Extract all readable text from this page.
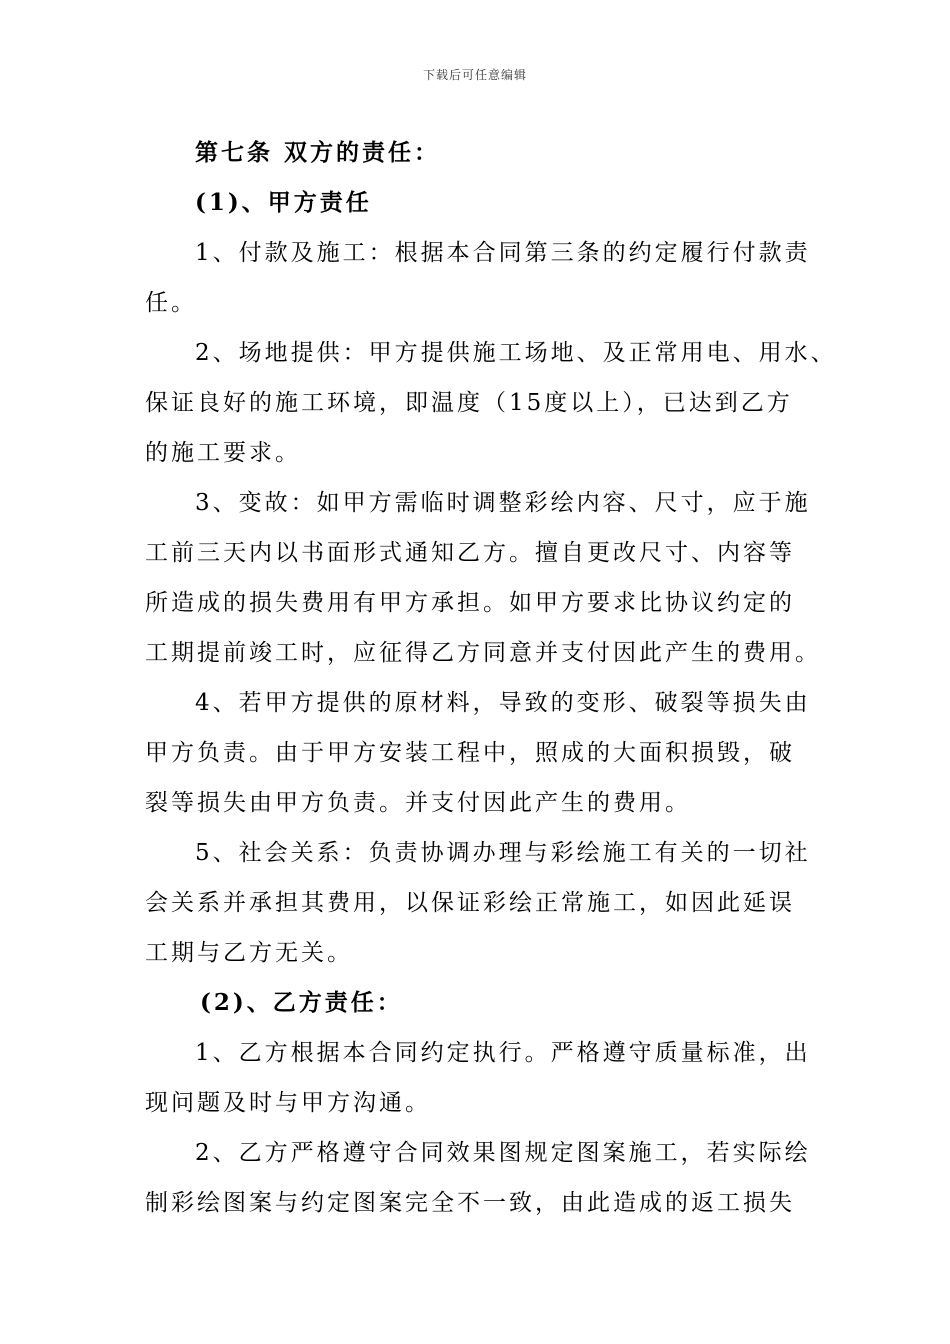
下载后可任意编辑
第七条 双方的责任：
(1)、甲方责任
1、付款及施工：根据本合同第三条的约定履行付款责
任。
2、场地提供：甲方提供施工场地、及正常用电、用水、
保证良好的施工环境，即温度（15度以上），已达到乙方
的施工要求。
3、变故：如甲方需临时调整彩绘内容、尺寸，应于施
工前三天内以书面形式通知乙方。擅自更改尺寸、内容等
所造成的损失费用有甲方承担。如甲方要求比协议约定的
工期提前竣工时，应征得乙方同意并支付因此产生的费用。
4、若甲方提供的原材料，导致的变形、破裂等损失由
甲方负责。由于甲方安装工程中，照成的大面积损毁，破
裂等损失由甲方负责。并支付因此产生的费用。
5、社会关系：负责协调办理与彩绘施工有关的一切社
会关系并承担其费用，以保证彩绘正常施工，如因此延误
工期与乙方无关。
(2)、乙方责任：
1、乙方根据本合同约定执行。严格遵守质量标准，出
现问题及时与甲方沟通。
2、乙方严格遵守合同效果图规定图案施工，若实际绘
制彩绘图案与约定图案完全不一致，由此造成的返工损失
